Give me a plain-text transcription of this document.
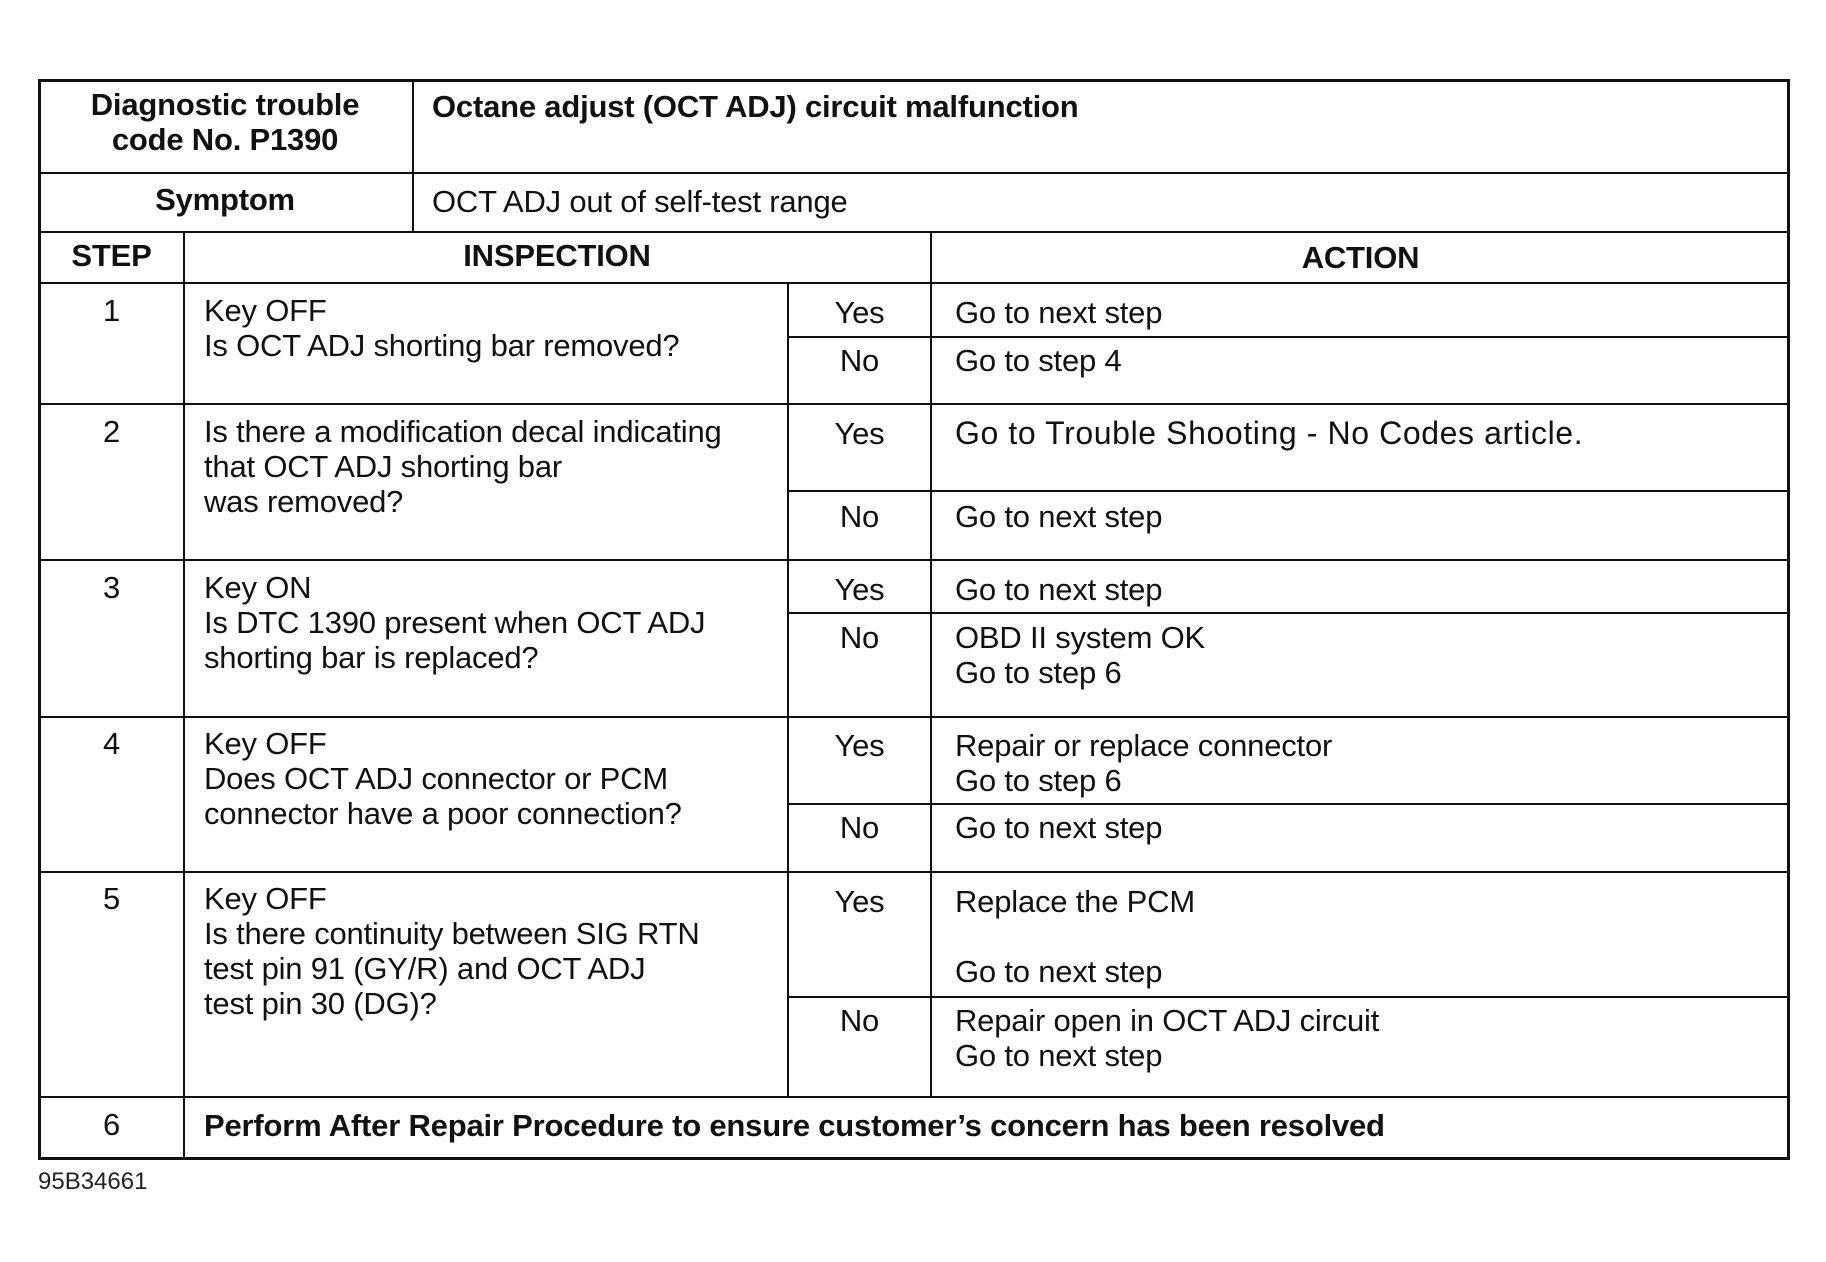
Diagnostic trouble
code No. P1390
Octane adjust (OCT ADJ) circuit malfunction
Symptom	OCT ADJ out of self-test range
STEP	INSPECTION	ACTION
1	Key OFF
Is OCT ADJ shorting bar removed?
Yes	Go to next step
No	Go to step 4
2	Is there a modification decal indicating
that OCT ADJ shorting bar
was removed?
Yes	Go to Trouble Shooting - No Codes article.
No	Go to next step
3	Key ON
Is DTC 1390 present when OCT ADJ
shorting bar is replaced?
Yes	Go to next step
No	OBD II system OK
Go to step 6
4	Key OFF
Does OCT ADJ connector or PCM
connector have a poor connection?
Yes	Repair or replace connector
Go to step 6
No	Go to next step
5	Key OFF
Is there continuity between SIG RTN
test pin 91 (GY/R) and OCT ADJ
test pin 30 (DG)?
Yes	Replace the PCM

Go to next step
No	Repair open in OCT ADJ circuit
Go to next step
6	Perform After Repair Procedure to ensure customer’s concern has been resolved
95B34661
